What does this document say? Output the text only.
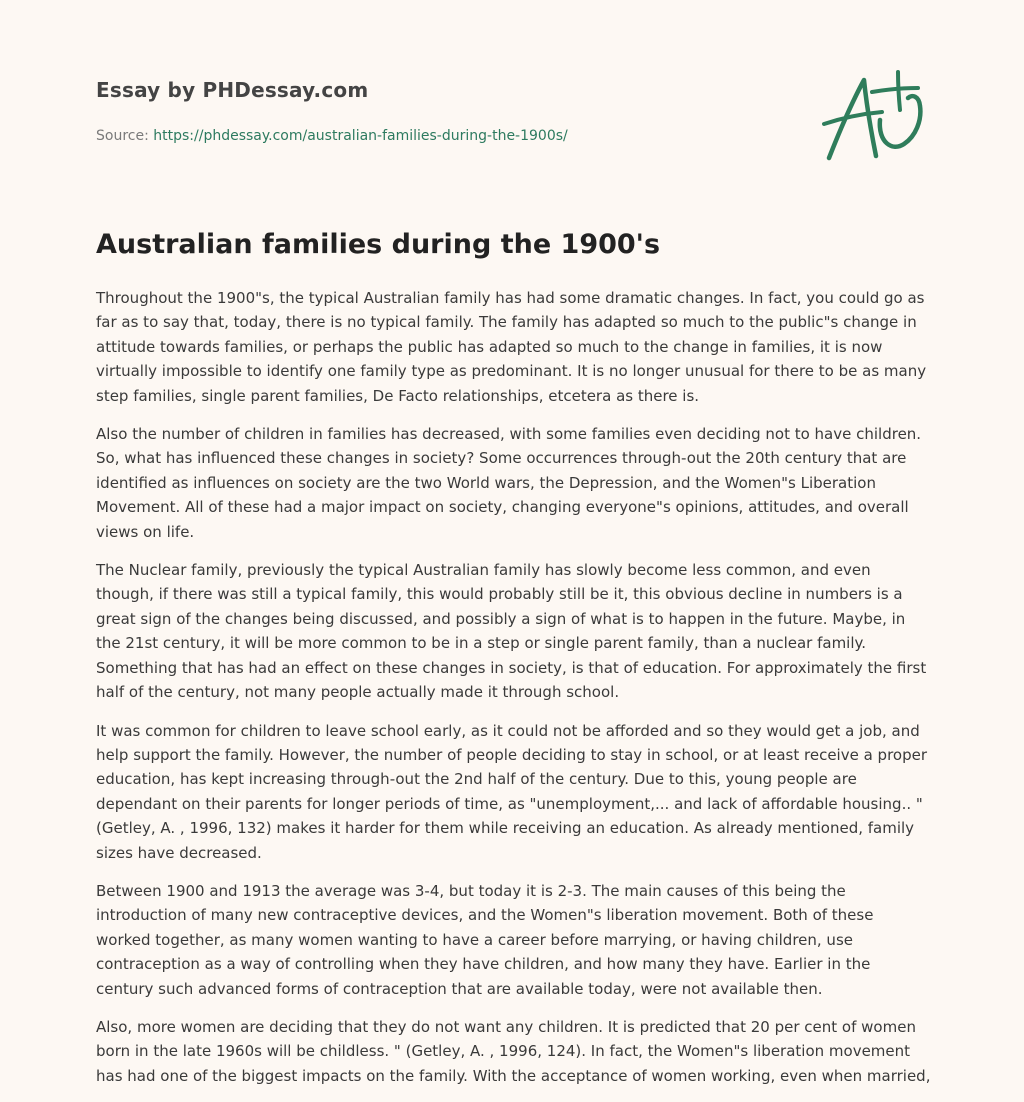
Essay by PHDessay.com
Source: https://phdessay.com/australian-families-during-the-1900s/
Australian families during the 1900's

Throughout the 1900"s, the typical Australian family has had some dramatic changes. In fact, you could go as far as to say that, today, there is no typical family. The family has adapted so much to the public"s change in attitude towards families, or perhaps the public has adapted so much to the change in families, it is now virtually impossible to identify one family type as predominant. It is no longer unusual for there to be as many step families, single parent families, De Facto relationships, etcetera as there is.

Also the number of children in families has decreased, with some families even deciding not to have children. So, what has influenced these changes in society? Some occurrences through-out the 20th century that are identified as influences on society are the two World wars, the Depression, and the Women"s Liberation Movement. All of these had a major impact on society, changing everyone"s opinions, attitudes, and overall views on life.

The Nuclear family, previously the typical Australian family has slowly become less common, and even though, if there was still a typical family, this would probably still be it, this obvious decline in numbers is a great sign of the changes being discussed, and possibly a sign of what is to happen in the future. Maybe, in the 21st century, it will be more common to be in a step or single parent family, than a nuclear family. Something that has had an effect on these changes in society, is that of education. For approximately the first half of the century, not many people actually made it through school.

It was common for children to leave school early, as it could not be afforded and so they would get a job, and help support the family. However, the number of people deciding to stay in school, or at least receive a proper education, has kept increasing through-out the 2nd half of the century. Due to this, young people are dependant on their parents for longer periods of time, as "unemployment,... and lack of affordable housing.. " (Getley, A. , 1996, 132) makes it harder for them while receiving an education. As already mentioned, family sizes have decreased.

Between 1900 and 1913 the average was 3-4, but today it is 2-3. The main causes of this being the introduction of many new contraceptive devices, and the Women"s liberation movement. Both of these worked together, as many women wanting to have a career before marrying, or having children, use contraception as a way of controlling when they have children, and how many they have. Earlier in the century such advanced forms of contraception that are available today, were not available then.

Also, more women are deciding that they do not want any children. It is predicted that 20 per cent of women born in the late 1960s will be childless. " (Getley, A. , 1996, 124). In fact, the Women"s liberation movement has had one of the biggest impacts on the family. With the acceptance of women working, even when married,
